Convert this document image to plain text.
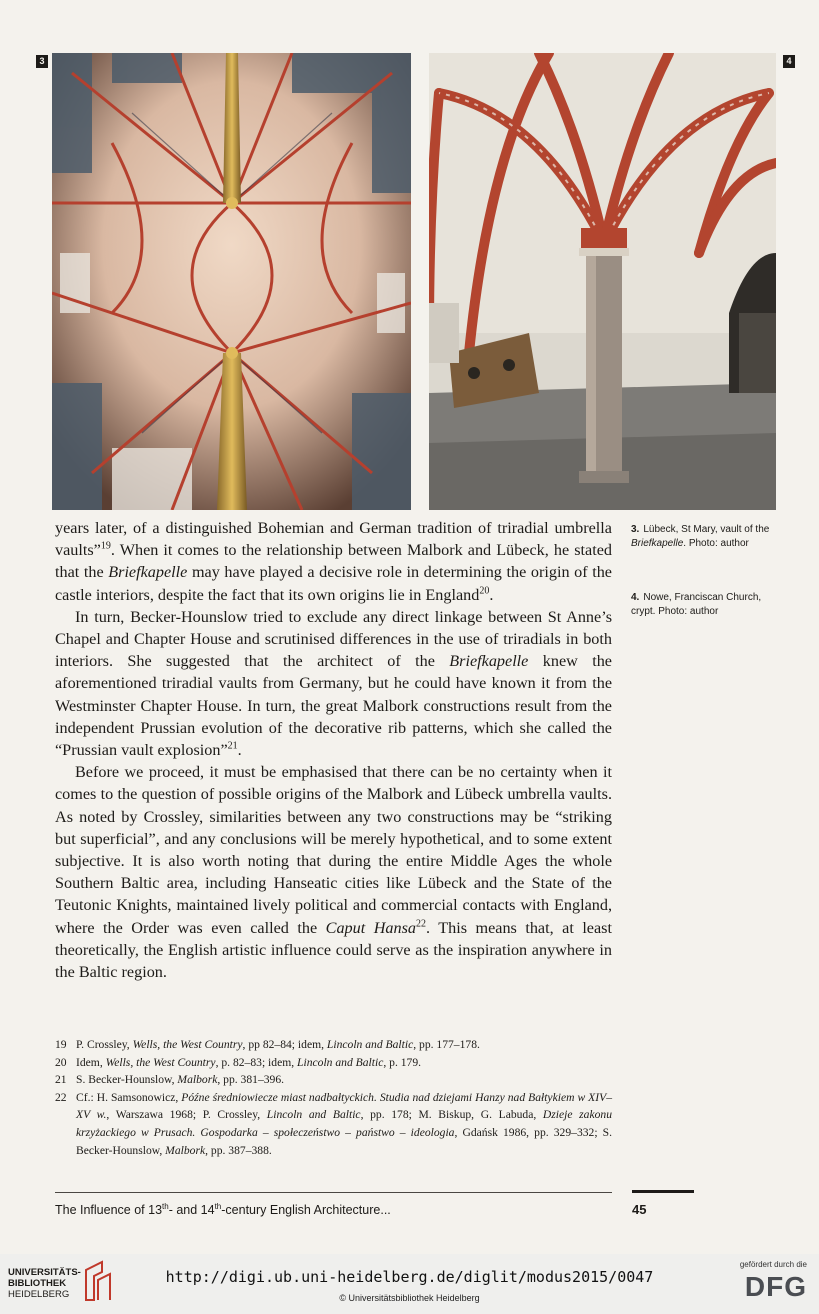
3	4
3. Lübeck, St Mary, vault of the Briefkapelle. Photo: author
4. Nowe, Franciscan Church, crypt. Photo: author

years later, of a distinguished Bohemian and German tradition of triradial umbrella vaults”$^{19}$. When it comes to the relationship between Malbork and Lübeck, he stated that the Briefkapelle may have played a decisive role in determining the origin of the castle interiors, despite the fact that its own origins lie in England$^{20}$.

In turn, Becker-Hounslow tried to exclude any direct linkage between St Anne’s Chapel and Chapter House and scrutinised differences in the use of triradials in both interiors. She suggested that the architect of the Briefkapelle knew the aforementioned triradial vaults from Germany, but he could have known it from the Westminster Chapter House. In turn, the great Malbork constructions result from the independent Prussian evolution of the decorative rib patterns, which she called the “Prussian vault explosion”$^{21}$.

Before we proceed, it must be emphasised that there can be no certainty when it comes to the question of possible origins of the Malbork and Lübeck umbrella vaults. As noted by Crossley, similarities between any two constructions may be “striking but superficial”, and any conclusions will be merely hypothetical, and to some extent subjective. It is also worth noting that during the entire Middle Ages the whole Southern Baltic area, including Hanseatic cities like Lübeck and the State of the Teutonic Knights, maintained lively political and commercial contacts with England, where the Order was even called the Caput Hansa$^{22}$. This means that, at least theoretically, the English artistic influence could serve as the inspiration anywhere in the Baltic region.

19 P. Crossley, Wells, the West Country, pp 82–84; idem, Lincoln and Baltic, pp. 177–178.
20 Idem, Wells, the West Country, p. 82–83; idem, Lincoln and Baltic, p. 179.
21 S. Becker-Hounslow, Malbork, pp. 381–396.
22 Cf.: H. Samsonowicz, Późne średniowiecze miast nadbałtyckich. Studia nad dziejami Hanzy nad Bałtykiem w XIV–XV w., Warszawa 1968; P. Crossley, Lincoln and Baltic, pp. 178; M. Biskup, G. Labuda, Dzieje zakonu krzyżackiego w Prusach. Gospodarka – społeczeństwo – państwo – ideologia, Gdańsk 1986, pp. 329–332; S. Becker-Hounslow, Malbork, pp. 387–388.
The Influence of 13th- and 14th-century English Architecture...	45
UNIVERSITÄTS-
BIBLIOTHEK
HEIDELBERG
http://digi.ub.uni-heidelberg.de/diglit/modus2015/0047
© Universitätsbibliothek Heidelberg
gefördert durch die
DFG
